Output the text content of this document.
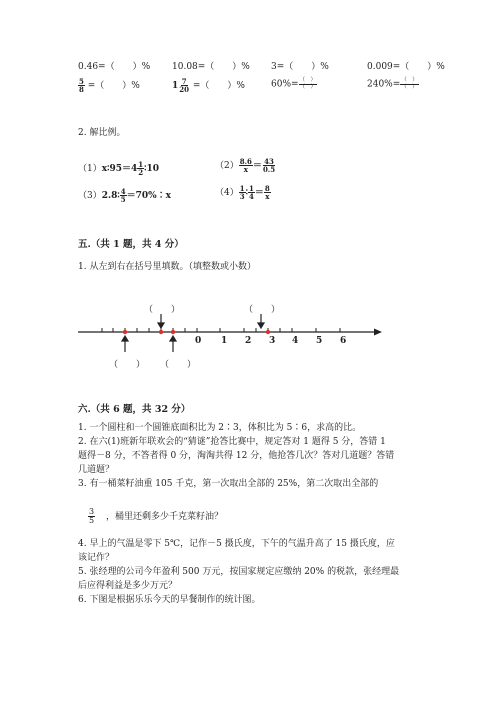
0.46=（　　）% 10.08=（　　）% 3=（　　）%	0.009=（　　）%
$\frac{5}{8}$ =（　　）%	$1 \frac{7}{20}$ =（　　）%	$60\%= \frac{( )}{( )}$	$240\%= \frac{( )}{( )}$
2. 解比例。
（1）x∶95＝4 $\frac{1}{2}$ ∶10	$(2) \frac{8.6}{x} = \frac{43}{0.5}$
（3）2.8∶ $\frac{4}{5}$ ＝70%∶x	$(4) \frac{1}{3}$ ∶ $\frac{1}{4} = \frac{8}{x}$
五.（共 1 题，共 4 分）
1. 从左到右在括号里填数。（填整数或小数）
（　　）	（　　）
（　　） （　　）
0 1 2 3 4 5 6
六.（共 6 题，共 32 分）
1. 一个圆柱和一个圆锥底面积比为 2∶3，体积比为 5∶6，求高的比。
2. 在六(1)班新年联欢会的“猜谜”抢答比赛中，规定答对 1 题得 5 分，答错 1
题得－8 分，不答者得 0 分，淘淘共得 12 分，他抢答几次？答对几道题？答错
几道题？
3. 有一桶菜籽油重 105 千克，第一次取出全部的 25%，第二次取出全部的
$\frac{3}{5}$ ，桶里还剩多少千克菜籽油？
4. 早上的气温是零下 5℃，记作－5 摄氏度，下午的气温升高了 15 摄氏度，应
该记作？
5. 张经理的公司今年盈利 500 万元，按国家规定应缴纳 20% 的税款，张经理最
后应得利益是多少万元？
6. 下图是根据乐乐今天的早餐制作的统计图。
